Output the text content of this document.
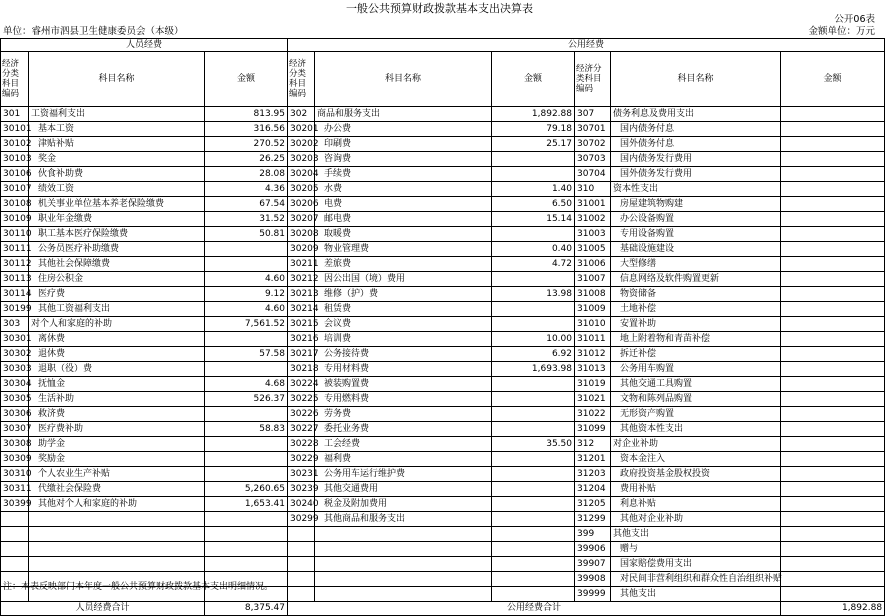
一般公共预算财政拨款基本支出决算表
公开06表
单位：睿州市泗县卫生健康委员会（本级）	金额单位：万元
人员经费			公用经费					
经济分类科目编码	科目名称	金额	经济分类科目编码	科目名称	金额	经济分类科目编码	科目名称	金额
301	工资福利支出	813.95	302	商品和服务支出	1,892.88	307	债务利息及费用支出	
30101	基本工资	316.56	30201	办公费	79.18	30701	国内债务付息	
30102	津贴补贴	270.52	30202	印刷费	25.17	30702	国外债务付息	
30103	奖金	26.25	30203	咨询费		30703	国内债务发行费用	
30106	伙食补助费	28.08	30204	手续费		30704	国外债务发行费用	
30107	绩效工资	4.36	30205	水费	1.40	310	资本性支出	
30108	机关事业单位基本养老保险缴费	67.54	30206	电费	6.50	31001	房屋建筑物购建	
30109	职业年金缴费	31.52	30207	邮电费	15.14	31002	办公设备购置	
30110	职工基本医疗保险缴费	50.81	30208	取暖费		31003	专用设备购置	
30111	公务员医疗补助缴费		30209	物业管理费	0.40	31005	基础设施建设	
30112	其他社会保障缴费		30211	差旅费	4.72	31006	大型修缮	
30113	住房公积金	4.60	30212	因公出国（境）费用		31007	信息网络及软件购置更新	
30114	医疗费	9.12	30213	维修（护）费	13.98	31008	物资储备	
30199	其他工资福利支出	4.60	30214	租赁费		31009	土地补偿	
303	对个人和家庭的补助	7,561.52	30215	会议费		31010	安置补助	
30301	离休费		30216	培训费	10.00	31011	地上附着物和青苗补偿	
30302	退休费	57.58	30217	公务接待费	6.92	31012	拆迁补偿	
30303	退职（役）费		30218	专用材料费	1,693.98	31013	公务用车购置	
30304	抚恤金	4.68	30224	被装购置费		31019	其他交通工具购置	
30305	生活补助	526.37	30225	专用燃料费		31021	文物和陈列品购置	
30306	救济费		30226	劳务费		31022	无形资产购置	
30307	医疗费补助	58.83	30227	委托业务费		31099	其他资本性支出	
30308	助学金		30228	工会经费	35.50	312	对企业补助	
30309	奖励金		30229	福利费		31201	资本金注入	
30310	个人农业生产补贴		30231	公务用车运行维护费		31203	政府投资基金股权投资	
30311	代缴社会保险费	5,260.65	30239	其他交通费用		31204	费用补贴	
30399	其他对个人和家庭的补助	1,653.41	30240	税金及附加费用		31205	利息补贴	
			30299	其他商品和服务支出		31299	其他对企业补助	
						399	其他支出	
						39906	赠与	
						39907	国家赔偿费用支出	
						39908	对民间非营利组织和群众性自治组织补贴	
						39999	其他支出	
人员经费合计		8,375.47	公用经费合计					1,892.88
注：本表反映部门本年度一般公共预算财政拨款基本支出明细情况。
